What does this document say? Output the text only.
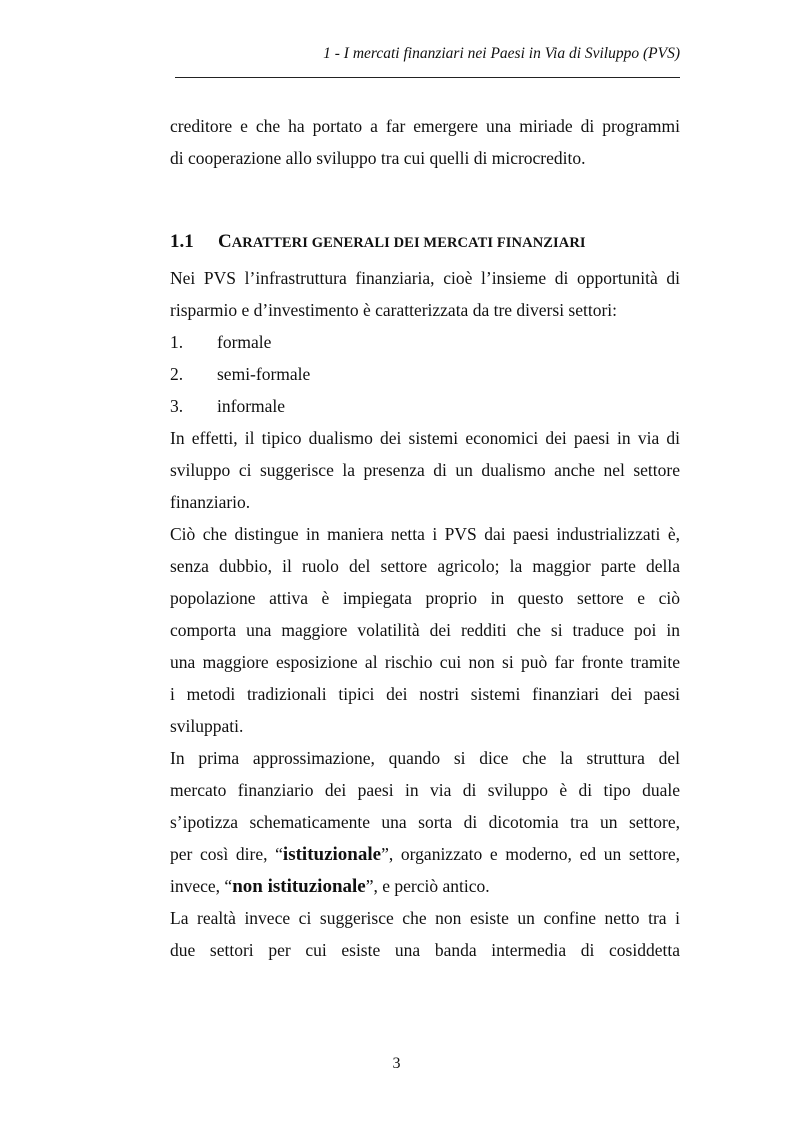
1 - I mercati finanziari nei Paesi in Via di Sviluppo (PVS)
creditore e che ha portato a far emergere una miriade di programmi
di cooperazione allo sviluppo tra cui quelli di microcredito.
1.1 CARATTERI GENERALI DEI MERCATI FINANZIARI
Nei PVS l’infrastruttura finanziaria, cioè l’insieme di opportunità di
risparmio e d’investimento è caratterizzata da tre diversi settori:
1. formale
2. semi-formale
3. informale
In effetti, il tipico dualismo dei sistemi economici dei paesi in via di
sviluppo ci suggerisce la presenza di un dualismo anche nel settore
finanziario.
Ciò che distingue in maniera netta i PVS dai paesi industrializzati è,
senza dubbio, il ruolo del settore agricolo; la maggior parte della
popolazione attiva è impiegata proprio in questo settore e ciò
comporta una maggiore volatilità dei redditi che si traduce poi in
una maggiore esposizione al rischio cui non si può far fronte tramite
i metodi tradizionali tipici dei nostri sistemi finanziari dei paesi
sviluppati.
In prima approssimazione, quando si dice che la struttura del
mercato finanziario dei paesi in via di sviluppo è di tipo duale
s’ipotizza schematicamente una sorta di dicotomia tra un settore,
per così dire, “istituzionale”, organizzato e moderno, ed un settore,
invece, “non istituzionale”, e perciò antico.
La realtà invece ci suggerisce che non esiste un confine netto tra i
due settori per cui esiste una banda intermedia di cosiddetta
3
